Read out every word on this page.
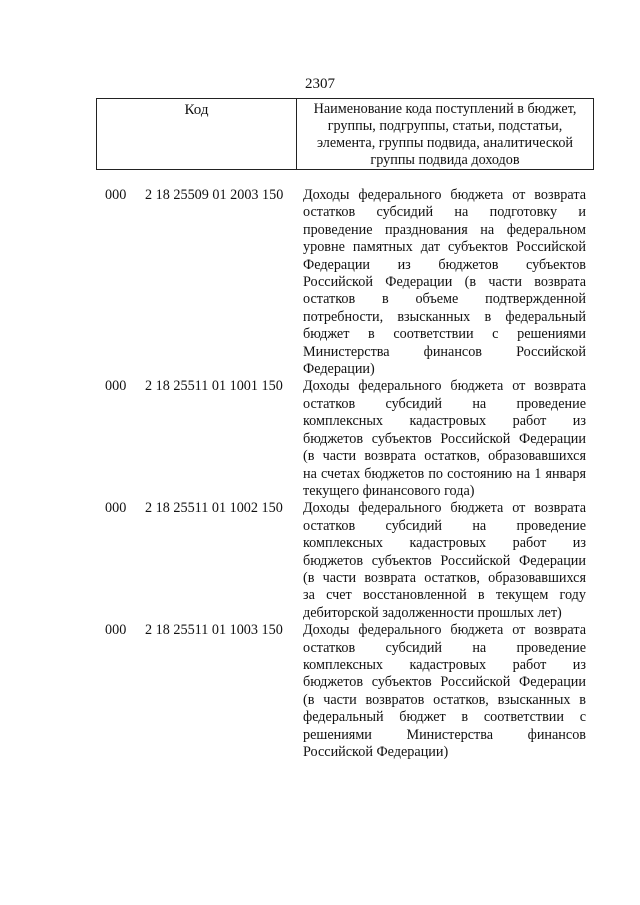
2307
Код	Наименование кода поступлений в бюджет,
группы, подгруппы, статьи, подстатьи,
элемента, группы подвида, аналитической
группы подвида доходов
000 2 18 25509 01 2003 150 Доходы федерального бюджета от возврата
остатков субсидий на подготовку и
проведение празднования на федеральном
уровне памятных дат субъектов Российской
Федерации из бюджетов субъектов
Российской Федерации (в части возврата
остатков в объеме подтвержденной
потребности, взысканных в федеральный
бюджет в соответствии с решениями
Министерства финансов Российской
Федерации)
000 2 18 25511 01 1001 150 Доходы федерального бюджета от возврата
остатков субсидий на проведение
комплексных кадастровых работ из
бюджетов субъектов Российской Федерации
(в части возврата остатков, образовавшихся
на счетах бюджетов по состоянию на 1 января
текущего финансового года)
000 2 18 25511 01 1002 150 Доходы федерального бюджета от возврата
остатков субсидий на проведение
комплексных кадастровых работ из
бюджетов субъектов Российской Федерации
(в части возврата остатков, образовавшихся
за счет восстановленной в текущем году
дебиторской задолженности прошлых лет)
000 2 18 25511 01 1003 150 Доходы федерального бюджета от возврата
остатков субсидий на проведение
комплексных кадастровых работ из
бюджетов субъектов Российской Федерации
(в части возвратов остатков, взысканных в
федеральный бюджет в соответствии с
решениями Министерства финансов
Российской Федерации)
